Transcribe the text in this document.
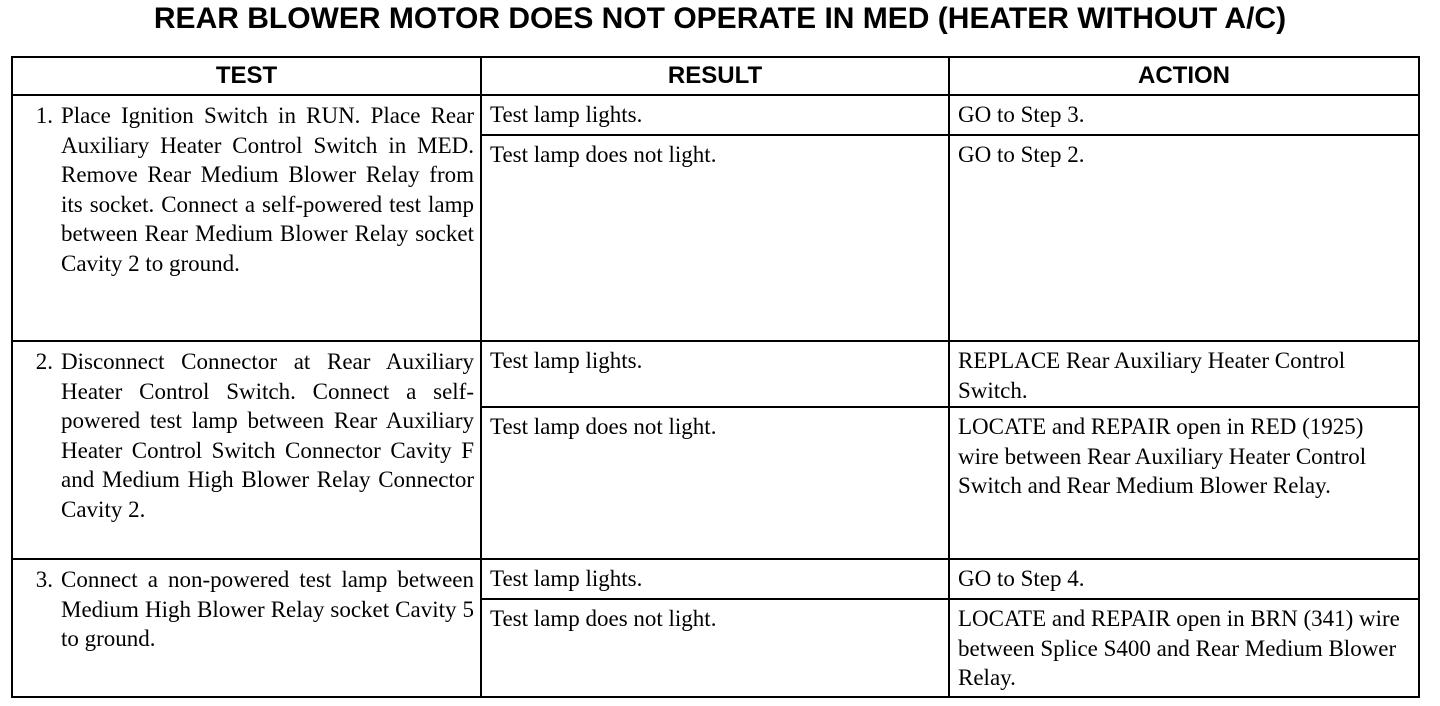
REAR BLOWER MOTOR DOES NOT OPERATE IN MED (HEATER WITHOUT A/C)
TEST	RESULT	ACTION

1. Place Ignition Switch in RUN. Place Rear Auxiliary Heater Control Switch in MED. Remove Rear Medium Blower Relay from its socket. Connect a self-powered test lamp between Rear Medium Blower Relay socket Cavity 2 to ground.	Test lamp lights.	GO to Step 3.
	Test lamp does not light.	GO to Step 2.

2. Disconnect Connector at Rear Auxiliary Heater Control Switch. Connect a self- powered test lamp between Rear Auxiliary Heater Control Switch Connector Cavity F and Medium High Blower Relay Connector Cavity 2.	Test lamp lights.	REPLACE Rear Auxiliary Heater Control Switch.
	Test lamp does not light.	LOCATE and REPAIR open in RED (1925) wire between Rear Auxiliary Heater Control Switch and Rear Medium Blower Relay.

3. Connect a non-powered test lamp between Medium High Blower Relay socket Cavity 5 to ground.	Test lamp lights.	GO to Step 4.
	Test lamp does not light.	LOCATE and REPAIR open in BRN (341) wire between Splice S400 and Rear Medium Blower Relay.
